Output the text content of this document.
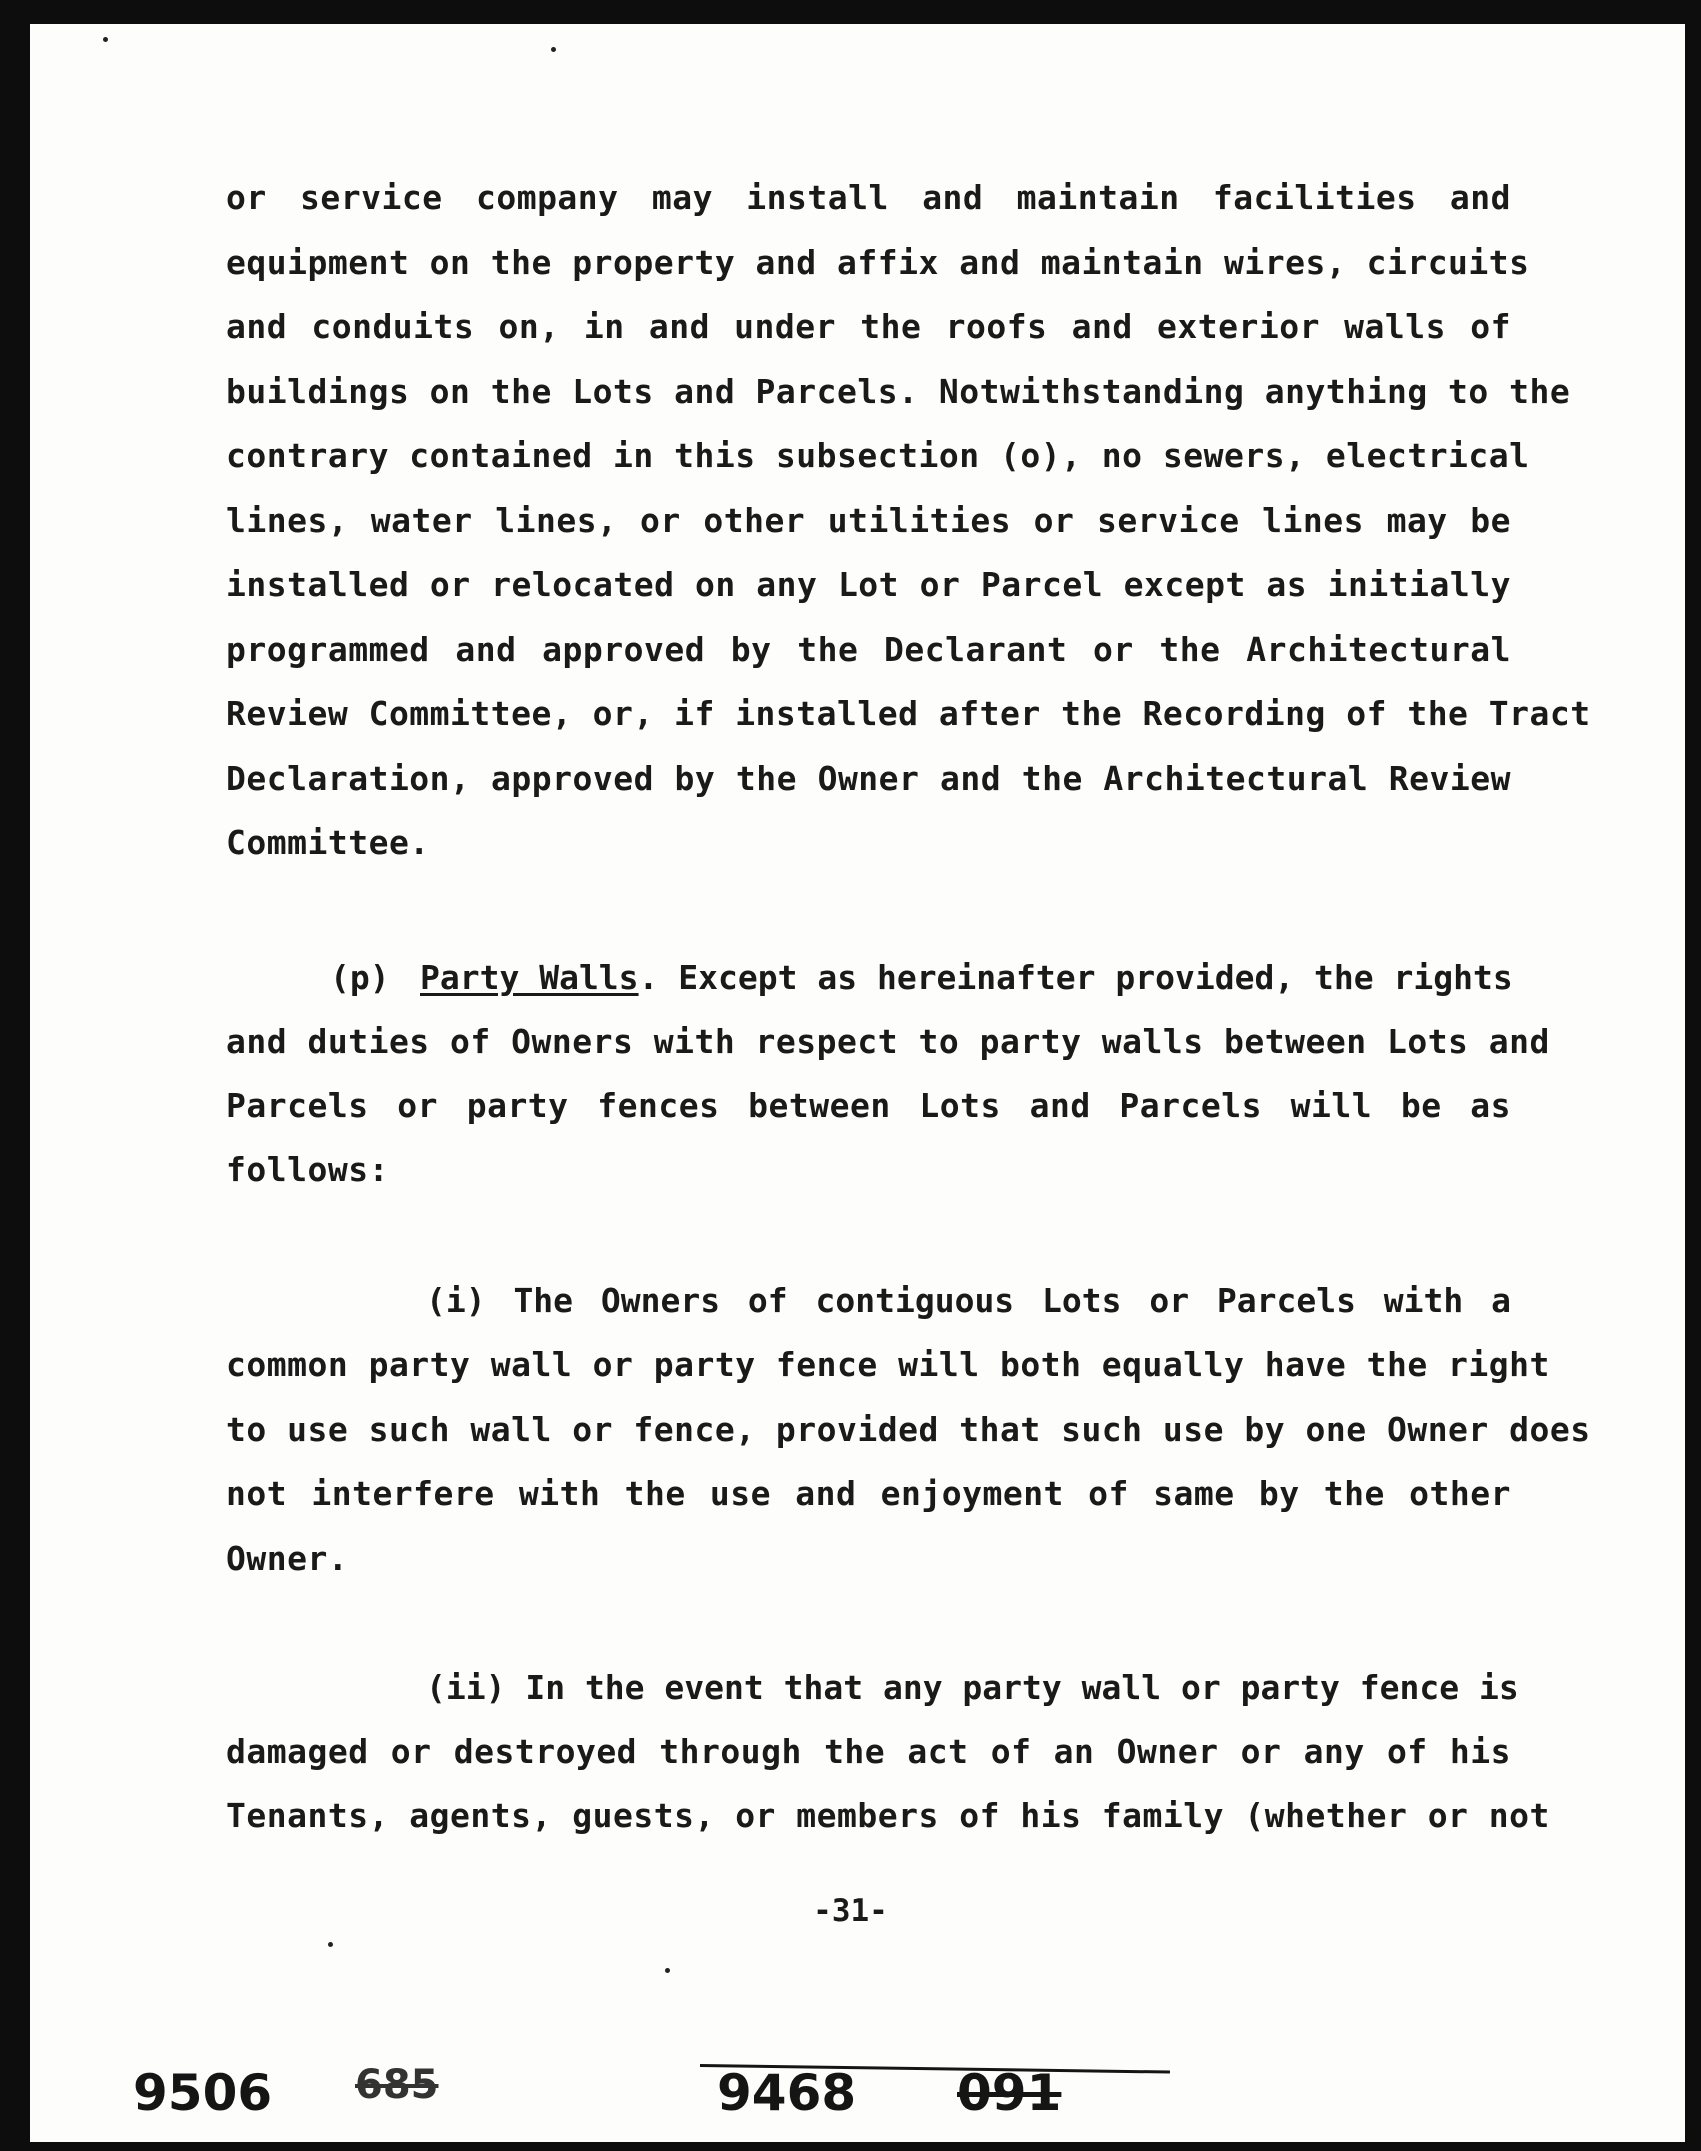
or service company may install and maintain facilities and
equipment on the property and affix and maintain wires, circuits
and conduits on, in and under the roofs and exterior walls of
buildings on the Lots and Parcels. Notwithstanding anything to the
contrary contained in this subsection (o), no sewers, electrical
lines, water lines, or other utilities or service lines may be
installed or relocated on any Lot or Parcel except as initially
programmed and approved by the Declarant or the Architectural
Review Committee, or, if installed after the Recording of the Tract
Declaration, approved by the Owner and the Architectural Review
Committee.
(p) Party Walls. Except as hereinafter provided, the rights
and duties of Owners with respect to party walls between Lots and
Parcels or party fences between Lots and Parcels will be as
follows:
(i) The Owners of contiguous Lots or Parcels with a
common party wall or party fence will both equally have the right
to use such wall or fence, provided that such use by one Owner does
not interfere with the use and enjoyment of same by the other
Owner.
(ii) In the event that any party wall or party fence is
damaged or destroyed through the act of an Owner or any of his
Tenants, agents, guests, or members of his family (whether or not
-31-
9506 685	9468 091
